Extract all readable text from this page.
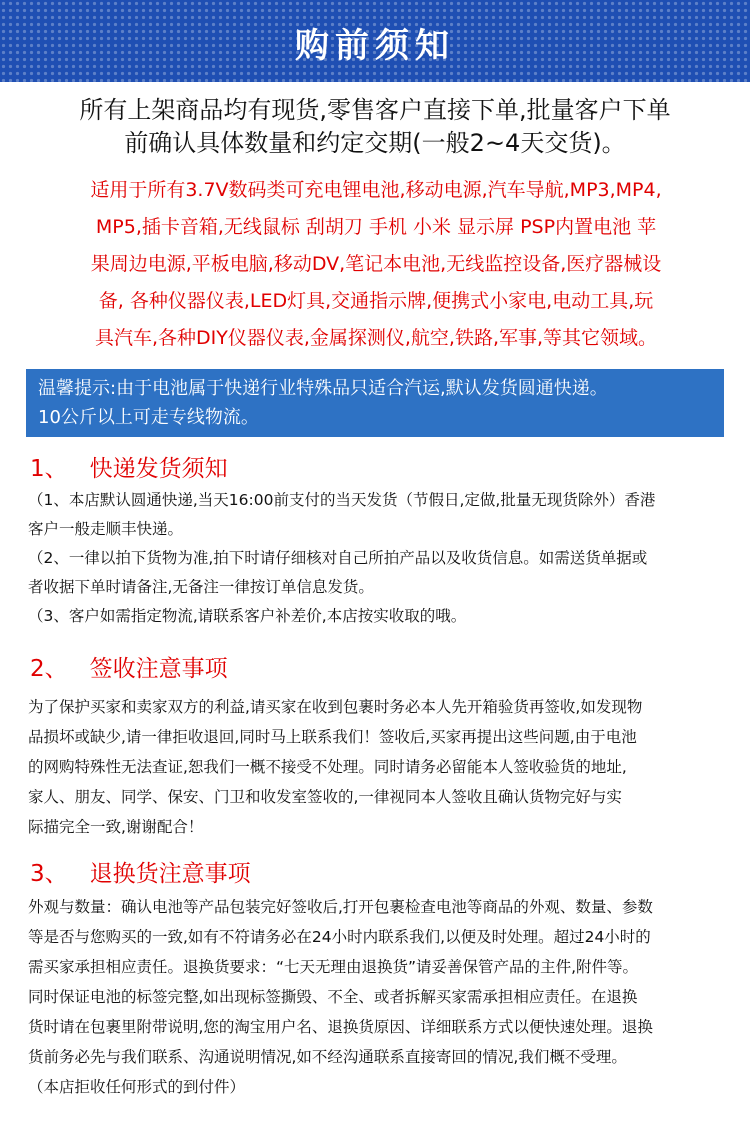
购前须知
所有上架商品均有现货,零售客户直接下单,批量客户下单
前确认具体数量和约定交期(一般2~4天交货)。
适用于所有3.7V数码类可充电锂电池,移动电源,汽车导航,MP3,MP4,
MP5,插卡音箱,无线鼠标 刮胡刀 手机 小米 显示屏 PSP内置电池 苹
果周边电源,平板电脑,移动DV,笔记本电池,无线监控设备,医疗器械设
备, 各种仪器仪表,LED灯具,交通指示牌,便携式小家电,电动工具,玩
具汽车,各种DIY仪器仪表,金属探测仪,航空,铁路,军事,等其它领域。
温馨提示:由于电池属于快递行业特殊品只适合汽运,默认发货圆通快递。
10公斤以上可走专线物流。
1、 快递发货须知

（1、本店默认圆通快递,当天16:00前支付的当天发货（节假日,定做,批量无现货除外）香港

客户一般走顺丰快递。

（2、一律以拍下货物为准,拍下时请仔细核对自己所拍产品以及收货信息。如需送货单据或

者收据下单时请备注,无备注一律按订单信息发货。

（3、客户如需指定物流,请联系客户补差价,本店按实收取的哦。

2、 签收注意事项

为了保护买家和卖家双方的利益,请买家在收到包裹时务必本人先开箱验货再签收,如发现物

品损坏或缺少,请一律拒收退回,同时马上联系我们！签收后,买家再提出这些问题,由于电池

的网购特殊性无法查证,恕我们一概不接受不处理。同时请务必留能本人签收验货的地址,

家人、朋友、同学、保安、门卫和收发室签收的,一律视同本人签收且确认货物完好与实

际描完全一致,谢谢配合！

3、 退换货注意事项

外观与数量：确认电池等产品包装完好签收后,打开包裹检查电池等商品的外观、数量、参数

等是否与您购买的一致,如有不符请务必在24小时内联系我们,以便及时处理。超过24小时的

需买家承担相应责任。退换货要求：“七天无理由退换货”请妥善保管产品的主件,附件等。

同时保证电池的标签完整,如出现标签撕毁、不全、或者拆解买家需承担相应责任。在退换

货时请在包裹里附带说明,您的淘宝用户名、退换货原因、详细联系方式以便快速处理。退换

货前务必先与我们联系、沟通说明情况,如不经沟通联系直接寄回的情况,我们概不受理。

（本店拒收任何形式的到付件）
